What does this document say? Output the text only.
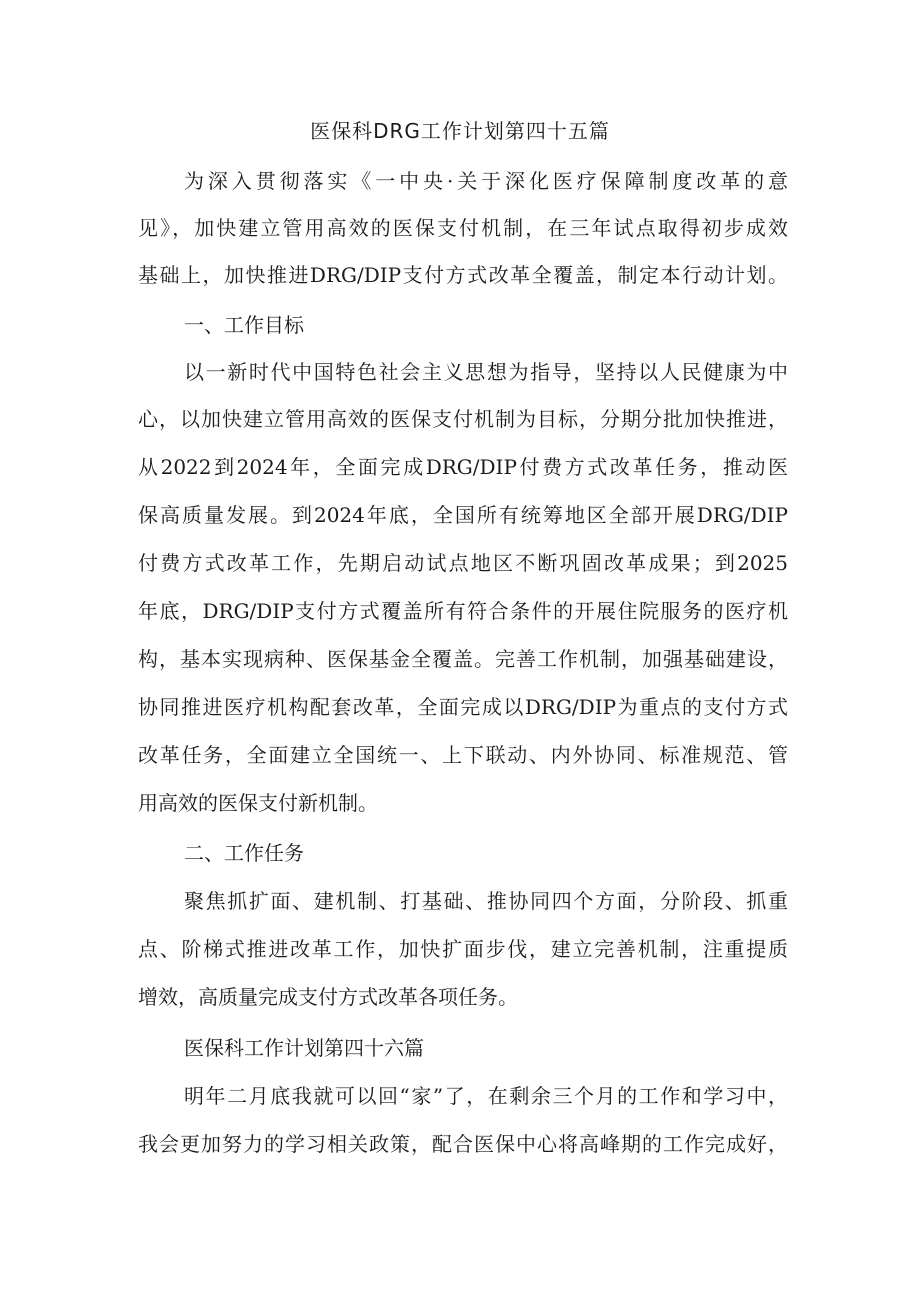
医保科DRG工作计划第四十五篇
为深入贯彻落实《一中央·关于深化医疗保障制度改革的意
见》，加快建立管用高效的医保支付机制，在三年试点取得初步成效
基础上，加快推进DRG/DIP支付方式改革全覆盖，制定本行动计划。
一、工作目标
以一新时代中国特色社会主义思想为指导，坚持以人民健康为中
心，以加快建立管用高效的医保支付机制为目标，分期分批加快推进，
从2022到2024年，全面完成DRG/DIP付费方式改革任务，推动医
保高质量发展。到2024年底，全国所有统筹地区全部开展DRG/DIP
付费方式改革工作，先期启动试点地区不断巩固改革成果；到2025
年底，DRG/DIP支付方式覆盖所有符合条件的开展住院服务的医疗机
构，基本实现病种、医保基金全覆盖。完善工作机制，加强基础建设，
协同推进医疗机构配套改革，全面完成以DRG/DIP为重点的支付方式
改革任务，全面建立全国统一、上下联动、内外协同、标准规范、管
用高效的医保支付新机制。
二、工作任务
聚焦抓扩面、建机制、打基础、推协同四个方面，分阶段、抓重
点、阶梯式推进改革工作，加快扩面步伐，建立完善机制，注重提质
增效，高质量完成支付方式改革各项任务。
医保科工作计划第四十六篇
明年二月底我就可以回“家”了，在剩余三个月的工作和学习中，
我会更加努力的学习相关政策，配合医保中心将高峰期的工作完成好，
